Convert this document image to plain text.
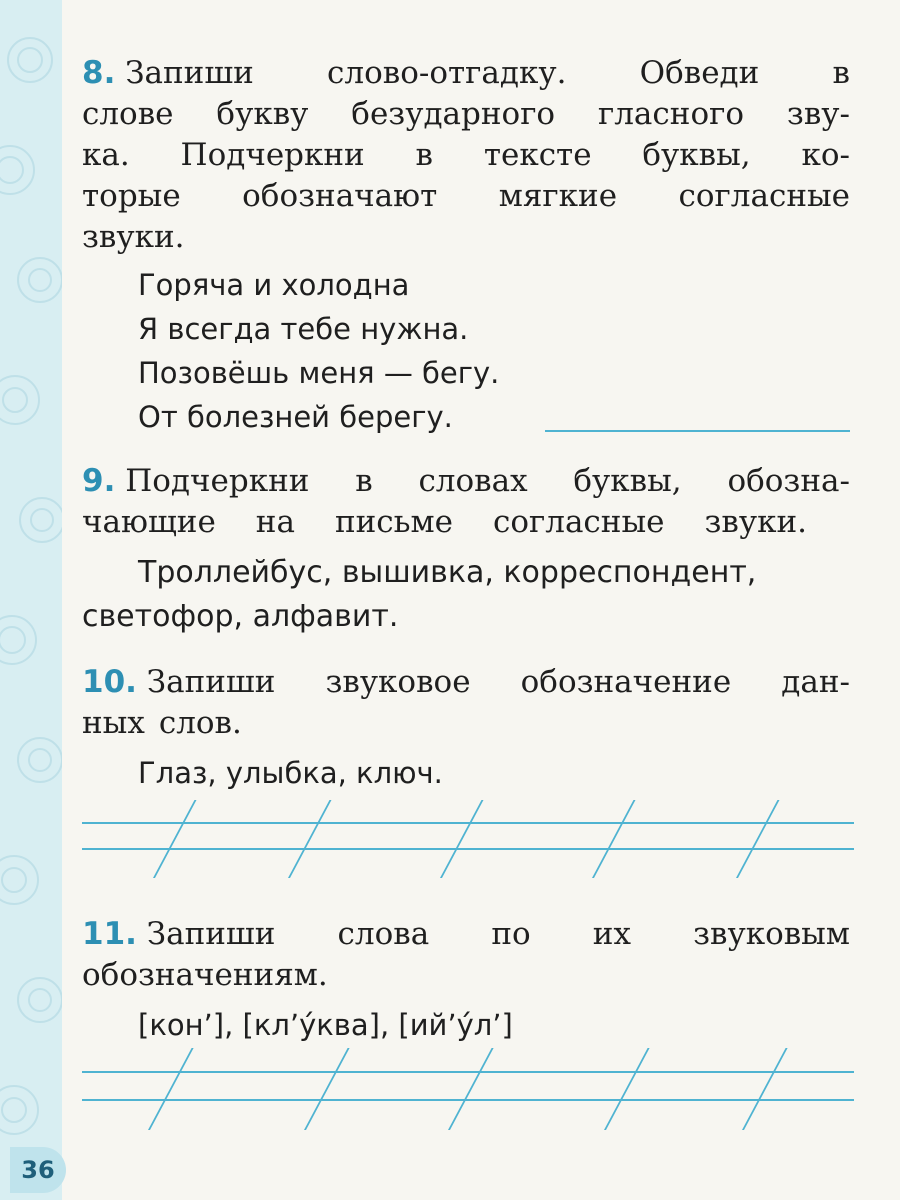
8. Запиши слово-отгадку. Обведи в
слове букву безударного гласного зву-
ка. Подчеркни в тексте буквы, ко-
торые обозначают мягкие согласные
звуки.
Горяча и холодна
Я всегда тебе нужна.
Позовёшь меня — бегу.
От болезней берегу.
9. Подчеркни в словах буквы, обозна-
чающие на письме согласные звуки.
Троллейбус, вышивка, корреспондент,
светофор, алфавит.
10. Запиши звуковое обозначение дан-
ных слов.
Глаз, улыбка, ключ.
11. Запиши слова по их звуковым
обозначениям.
[кон’], [кл’у́ква], [ий’у́л’]
36
